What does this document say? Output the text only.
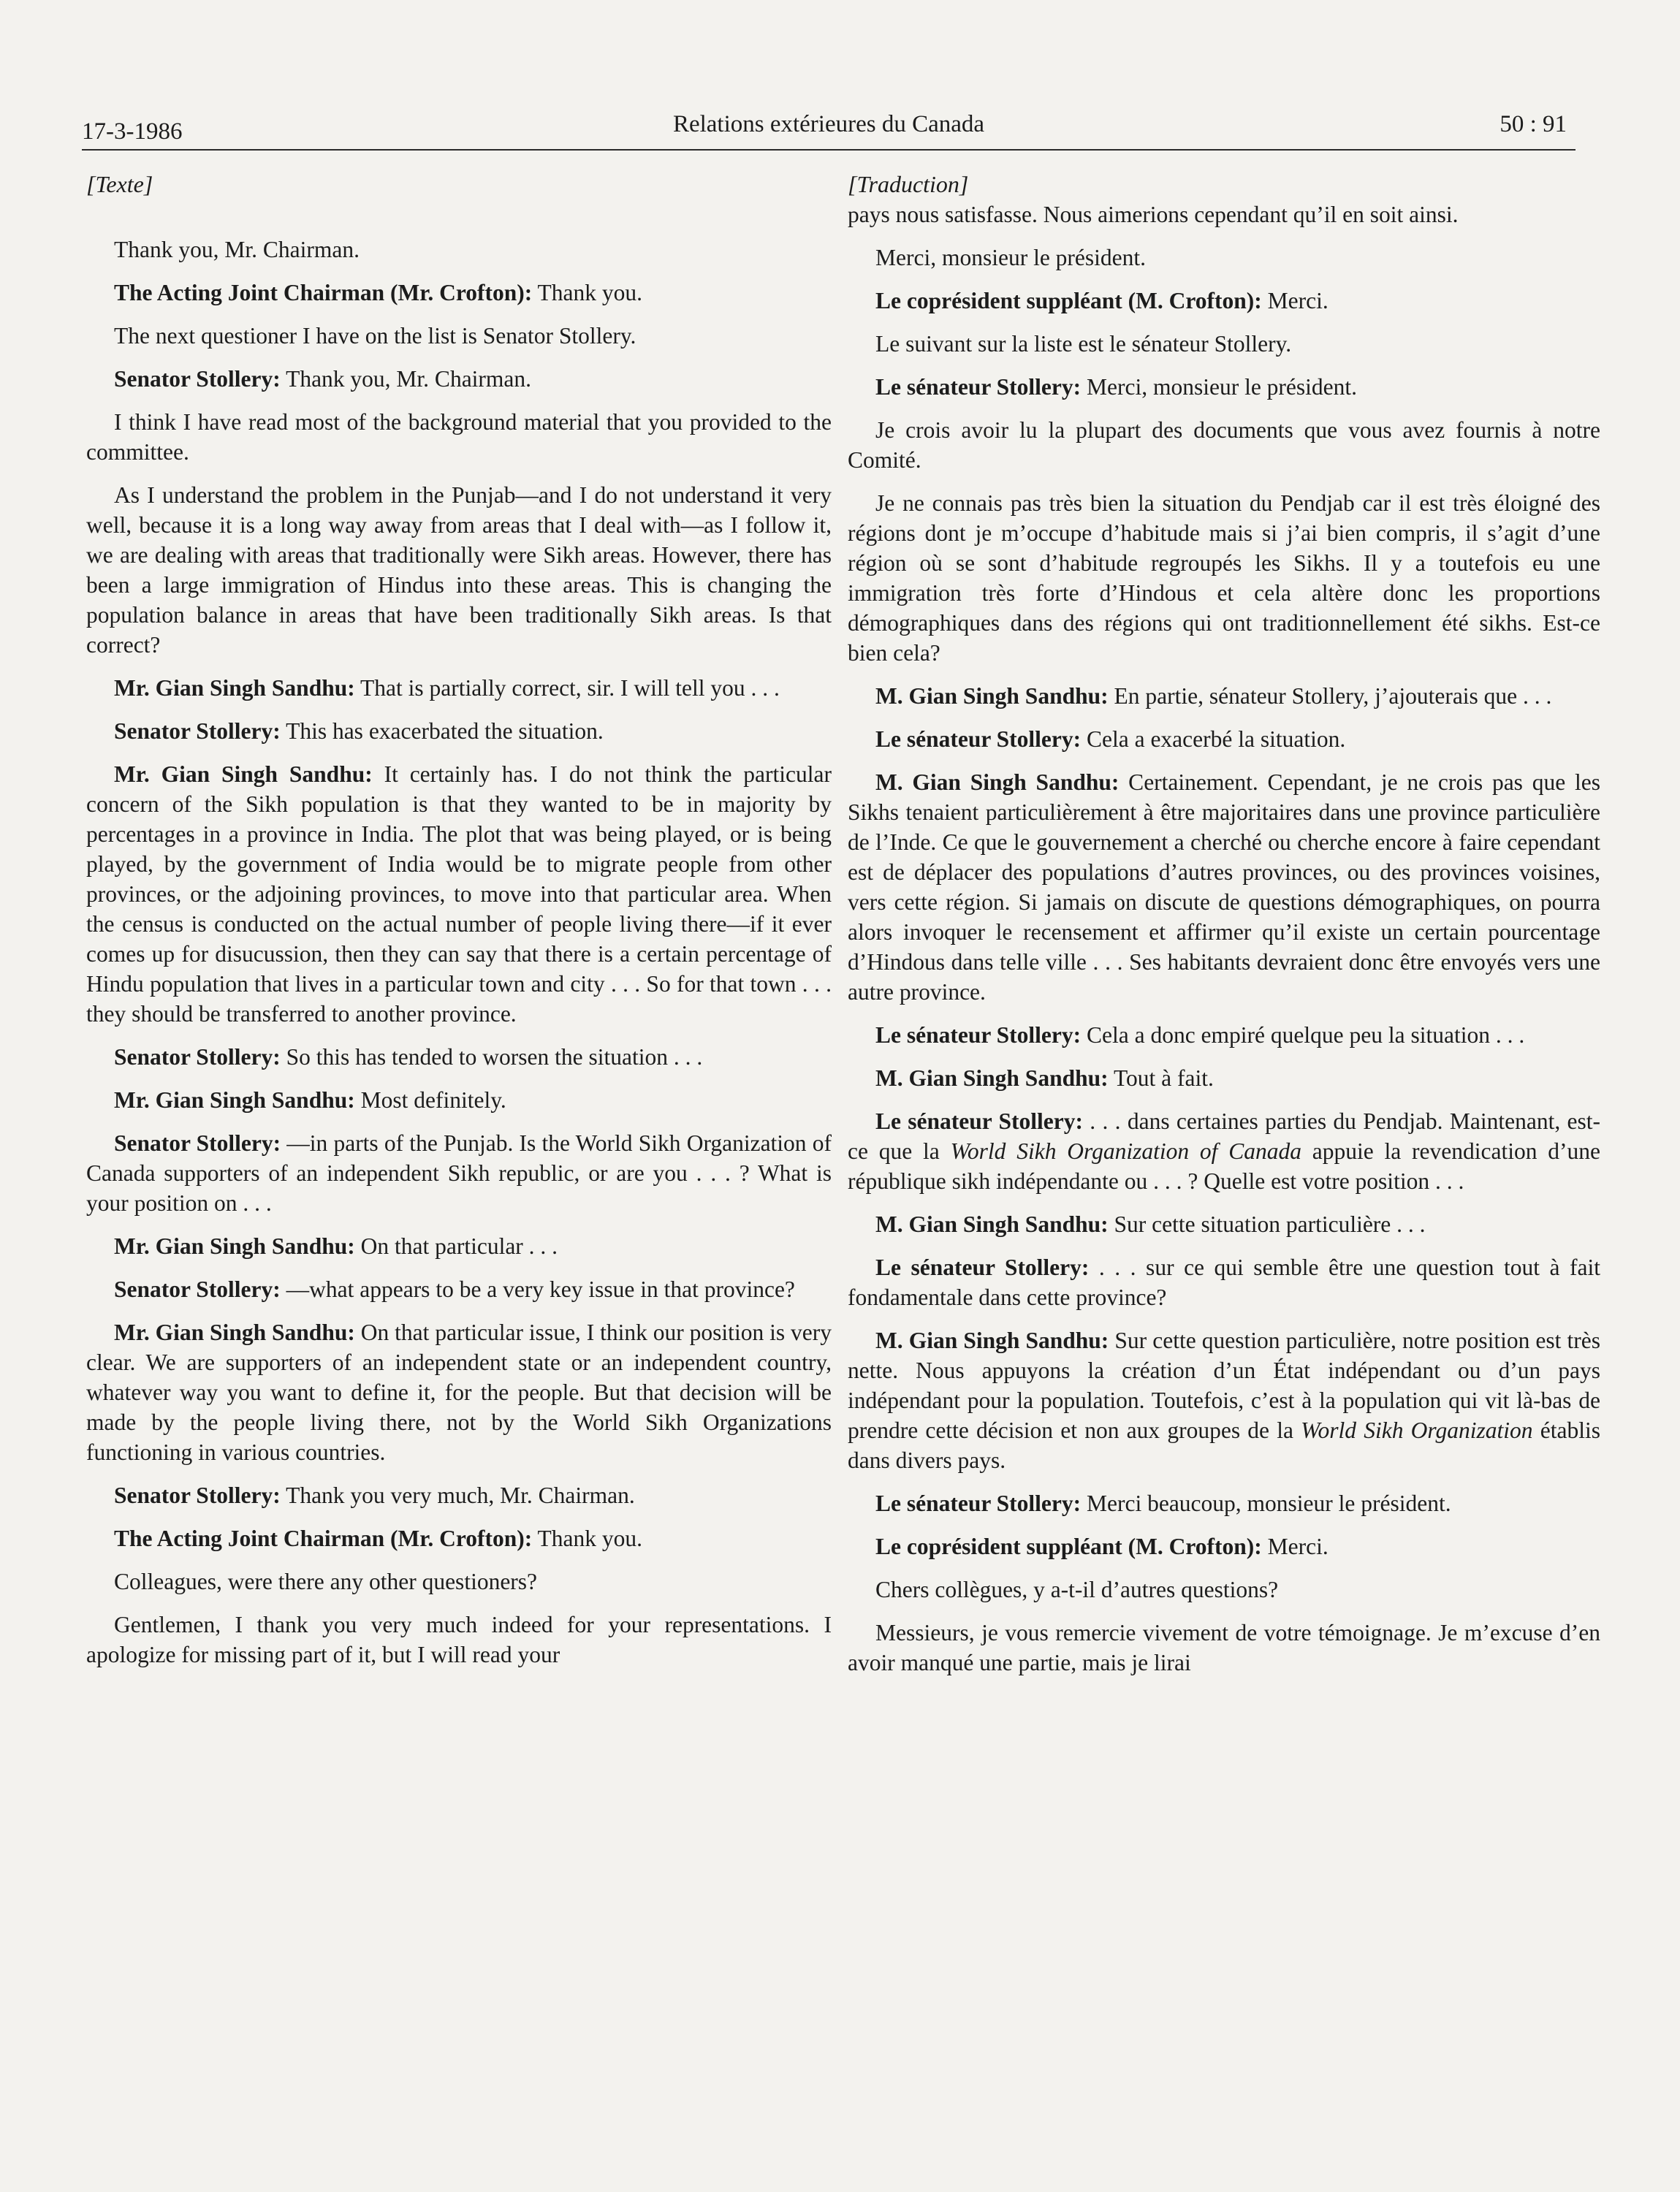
17-3-1986	Relations extérieures du Canada	50 : 91

[Texte]

Thank you, Mr. Chairman.

The Acting Joint Chairman (Mr. Crofton): Thank you.

The next questioner I have on the list is Senator Stollery.

Senator Stollery: Thank you, Mr. Chairman.

I think I have read most of the background material that you provided to the committee.

As I understand the problem in the Punjab—and I do not understand it very well, because it is a long way away from areas that I deal with—as I follow it, we are dealing with areas that traditionally were Sikh areas. However, there has been a large immigration of Hindus into these areas. This is changing the population balance in areas that have been traditionally Sikh areas. Is that correct?

Mr. Gian Singh Sandhu: That is partially correct, sir. I will tell you . . .

Senator Stollery: This has exacerbated the situation.

Mr. Gian Singh Sandhu: It certainly has. I do not think the particular concern of the Sikh population is that they wanted to be in majority by percentages in a province in India. The plot that was being played, or is being played, by the government of India would be to migrate people from other provinces, or the adjoining provinces, to move into that particular area. When the census is conducted on the actual number of people living there—if it ever comes up for disucussion, then they can say that there is a certain percentage of Hindu population that lives in a particular town and city . . . So for that town . . . they should be transferred to another province.

Senator Stollery: So this has tended to worsen the situation . . .

Mr. Gian Singh Sandhu: Most definitely.

Senator Stollery: —in parts of the Punjab. Is the World Sikh Organization of Canada supporters of an independent Sikh republic, or are you . . . ? What is your position on . . .

Mr. Gian Singh Sandhu: On that particular . . .

Senator Stollery: —what appears to be a very key issue in that province?

Mr. Gian Singh Sandhu: On that particular issue, I think our position is very clear. We are supporters of an independent state or an independent country, whatever way you want to define it, for the people. But that decision will be made by the people living there, not by the World Sikh Organizations functioning in various countries.

Senator Stollery: Thank you very much, Mr. Chairman.

The Acting Joint Chairman (Mr. Crofton): Thank you.

Colleagues, were there any other questioners?

Gentlemen, I thank you very much indeed for your representations. I apologize for missing part of it, but I will read your

[Traduction]

pays nous satisfasse. Nous aimerions cependant qu’il en soit ainsi.

Merci, monsieur le président.

Le coprésident suppléant (M. Crofton): Merci.

Le suivant sur la liste est le sénateur Stollery.

Le sénateur Stollery: Merci, monsieur le président.

Je crois avoir lu la plupart des documents que vous avez fournis à notre Comité.

Je ne connais pas très bien la situation du Pendjab car il est très éloigné des régions dont je m’occupe d’habitude mais si j’ai bien compris, il s’agit d’une région où se sont d’habitude regroupés les Sikhs. Il y a toutefois eu une immigration très forte d’Hindous et cela altère donc les proportions démographiques dans des régions qui ont traditionnellement été sikhs. Est-ce bien cela?

M. Gian Singh Sandhu: En partie, sénateur Stollery, j’ajouterais que . . .

Le sénateur Stollery: Cela a exacerbé la situation.

M. Gian Singh Sandhu: Certainement. Cependant, je ne crois pas que les Sikhs tenaient particulièrement à être majoritaires dans une province particulière de l’Inde. Ce que le gouvernement a cherché ou cherche encore à faire cependant est de déplacer des populations d’autres provinces, ou des provinces voisines, vers cette région. Si jamais on discute de questions démographiques, on pourra alors invoquer le recensement et affirmer qu’il existe un certain pourcentage d’Hindous dans telle ville . . . Ses habitants devraient donc être envoyés vers une autre province.

Le sénateur Stollery: Cela a donc empiré quelque peu la situation . . .

M. Gian Singh Sandhu: Tout à fait.

Le sénateur Stollery: . . . dans certaines parties du Pendjab. Maintenant, est-ce que la World Sikh Organization of Canada appuie la revendication d’une république sikh indépendante ou . . . ? Quelle est votre position . . .

M. Gian Singh Sandhu: Sur cette situation particulière . . .

Le sénateur Stollery: . . . sur ce qui semble être une question tout à fait fondamentale dans cette province?

M. Gian Singh Sandhu: Sur cette question particulière, notre position est très nette. Nous appuyons la création d’un État indépendant ou d’un pays indépendant pour la population. Toutefois, c’est à la population qui vit là-bas de prendre cette décision et non aux groupes de la World Sikh Organization établis dans divers pays.

Le sénateur Stollery: Merci beaucoup, monsieur le président.

Le coprésident suppléant (M. Crofton): Merci.

Chers collègues, y a-t-il d’autres questions?

Messieurs, je vous remercie vivement de votre témoignage. Je m’excuse d’en avoir manqué une partie, mais je lirai
